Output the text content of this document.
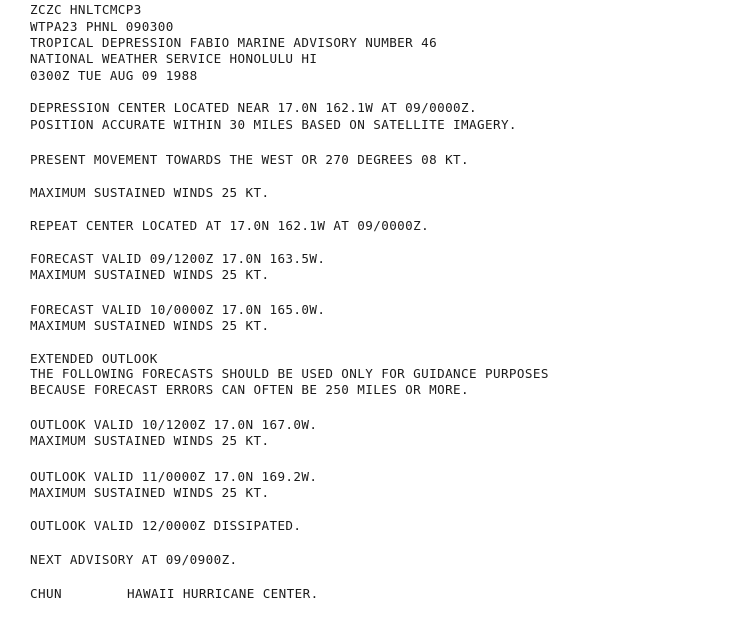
ZCZC HNLTCMCP3
WTPA23 PHNL 090300
TROPICAL DEPRESSION FABIO MARINE ADVISORY NUMBER 46
NATIONAL WEATHER SERVICE HONOLULU HI
0300Z TUE AUG 09 1988
DEPRESSION CENTER LOCATED NEAR 17.0N 162.1W AT 09/0000Z.
POSITION ACCURATE WITHIN 30 MILES BASED ON SATELLITE IMAGERY.
PRESENT MOVEMENT TOWARDS THE WEST OR 270 DEGREES 08 KT.
MAXIMUM SUSTAINED WINDS 25 KT.
REPEAT CENTER LOCATED AT 17.0N 162.1W AT 09/0000Z.
FORECAST VALID 09/1200Z 17.0N 163.5W.
MAXIMUM SUSTAINED WINDS 25 KT.
FORECAST VALID 10/0000Z 17.0N 165.0W.
MAXIMUM SUSTAINED WINDS 25 KT.
EXTENDED OUTLOOK
THE FOLLOWING FORECASTS SHOULD BE USED ONLY FOR GUIDANCE PURPOSES
BECAUSE FORECAST ERRORS CAN OFTEN BE 250 MILES OR MORE.
OUTLOOK VALID 10/1200Z 17.0N 167.0W.
MAXIMUM SUSTAINED WINDS 25 KT.
OUTLOOK VALID 11/0000Z 17.0N 169.2W.
MAXIMUM SUSTAINED WINDS 25 KT.
OUTLOOK VALID 12/0000Z DISSIPATED.
NEXT ADVISORY AT 09/0900Z.
CHUN	HAWAII HURRICANE CENTER.
